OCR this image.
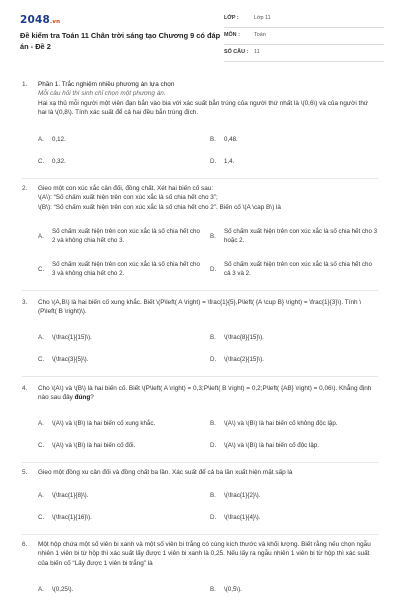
2048.vn
Đề kiểm tra Toán 11 Chân trời sáng tạo Chương 9 có đáp án - Đề 2
LỚP :	Lớp 11
MÔN :	Toán
SỐ CÂU :	11
1. Phần 1. Trắc nghiệm nhiều phương án lựa chọn
Mỗi câu hỏi thí sinh chỉ chọn một phương án.
Hai xạ thủ mỗi người một viên đạn bắn vào bia với xác suất bắn trúng của người thứ nhất là \(0,6\) và của người thứ hai là \(0,8\). Tính xác suất để cả hai đều bắn trúng đích.
A.	0,12.	B.	0,48.
C.	0,32.	D.	1,4.
2. Gieo một con xúc xắc cân đối, đồng chất. Xét hai biến cố sau:
\(A\): “Số chấm xuất hiện trên con xúc xắc là số chia hết cho 3”;
\(B\): “Số chấm xuất hiện trên con xúc xắc là số chia hết cho 2”. Biến cố \(A \cap B\) là
A.
Số chấm xuất hiện trên con xúc xắc là số chia hết cho 2 và không chia hết cho 3.
B.
Số chấm xuất hiện trên con xúc xắc là số chia hết cho 3 hoặc 2.
C.
Số chấm xuất hiện trên con xúc xắc là số chia hết cho 3 và không chia hết cho 2.
D.
Số chấm xuất hiện trên con xúc xắc là số chia hết cho cả 3 và 2.
3. Cho \(A,B\) là hai biến cố xung khắc. Biết \(P\left( A \right) = \frac{1}{5},P\left( {A \cup B} \right) = \frac{1}{3}\). Tính \(P\left( B \right)\).
A.	\(\frac{1}{15}\).	B.	\(\frac{8}{15}\).
C.	\(\frac{3}{5}\).	D.	\(\frac{2}{15}\).
4. Cho \(A\) và \(B\) là hai biến cố. Biết \(P\left( A \right) = 0,3;P\left( B \right) = 0,2;P\left( {AB} \right) = 0,06\). Khẳng định nào sau đây đúng?
A.	\(A\) và \(B\) là hai biến cố xung khắc.	B.	\(A\) và \(B\) là hai biến cố không độc lập.
C.	\(A\) và \(B\) là hai biến cố đối.	D.	\(A\) và \(B\) là hai biến cố độc lập.
5. Gieo một đồng xu cân đối và đồng chất ba lần. Xác suất để cả ba lần xuất hiện mặt sấp là
A.	\(\frac{1}{8}\).	B.	\(\frac{1}{2}\).
C.	\(\frac{1}{16}\).	D.	\(\frac{1}{4}\).
6. Một hộp chứa một số viên bi xanh và một số viên bi trắng có cùng kích thước và khối lượng. Biết rằng nếu chọn ngẫu nhiên 1 viên bi từ hộp thì xác suất lấy được 1 viên bi xanh là 0,25. Nếu lấy ra ngẫu nhiên 1 viên bi từ hộp thì xác suất của biến cố “Lấy được 1 viên bi trắng” là
A.	\(0,25\).	B.	\(0,5\).
